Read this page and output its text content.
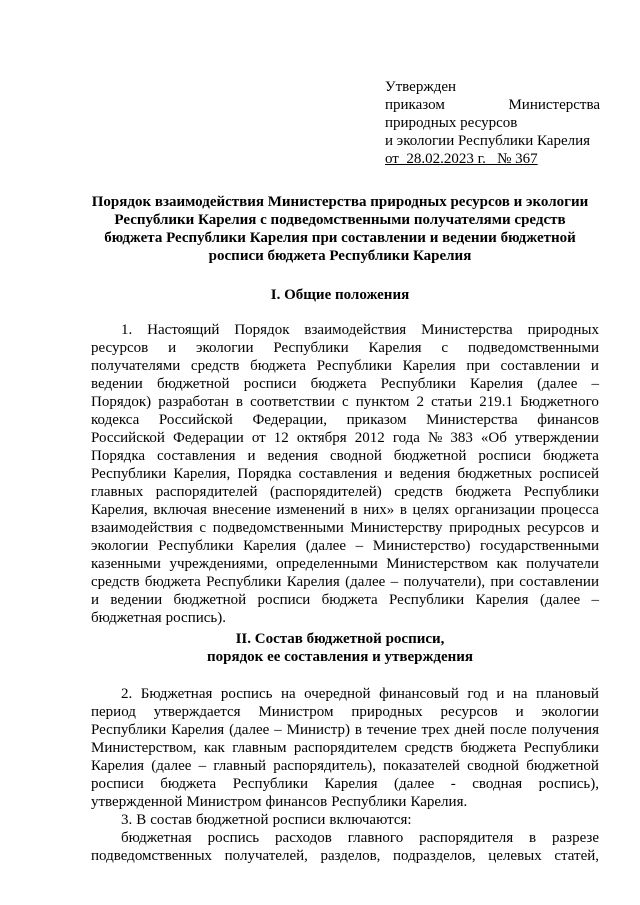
Утвержден
приказом	Министерства
природных ресурсов
и экологии Республики Карелия
от  28.02.2023 г.   № 367
Порядок взаимодействия Министерства природных ресурсов и экологии
Республики Карелия с подведомственными получателями средств
бюджета Республики Карелия при составлении и ведении бюджетной
росписи бюджета Республики Карелия
I. Общие положения
1. Настоящий Порядок взаимодействия Министерства природных
ресурсов и экологии Республики Карелия с подведомственными
получателями средств бюджета Республики Карелия при составлении и
ведении бюджетной росписи бюджета Республики Карелия (далее –
Порядок) разработан в соответствии с пунктом 2 статьи 219.1 Бюджетного
кодекса Российской Федерации, приказом Министерства финансов
Российской Федерации от 12 октября 2012 года № 383 «Об утверждении
Порядка составления и ведения сводной бюджетной росписи бюджета
Республики Карелия, Порядка составления и ведения бюджетных росписей
главных распорядителей (распорядителей) средств бюджета Республики
Карелия, включая внесение изменений в них» в целях организации процесса
взаимодействия с подведомственными Министерству природных ресурсов и
экологии Республики Карелия (далее – Министерство) государственными
казенными учреждениями, определенными Министерством как получатели
средств бюджета Республики Карелия (далее – получатели), при составлении
и ведении бюджетной росписи бюджета Республики Карелия (далее –
бюджетная роспись).
II. Состав бюджетной росписи,
порядок ее составления и утверждения
2. Бюджетная роспись на очередной финансовый год и на плановый
период утверждается Министром природных ресурсов и экологии
Республики Карелия (далее – Министр) в течение трех дней после получения
Министерством, как главным распорядителем средств бюджета Республики
Карелия (далее – главный распорядитель), показателей сводной бюджетной
росписи бюджета Республики Карелия (далее - сводная роспись),
утвержденной Министром финансов Республики Карелия.
3. В состав бюджетной росписи включаются:
бюджетная роспись расходов главного распорядителя в разрезе
подведомственных получателей, разделов, подразделов, целевых статей,
